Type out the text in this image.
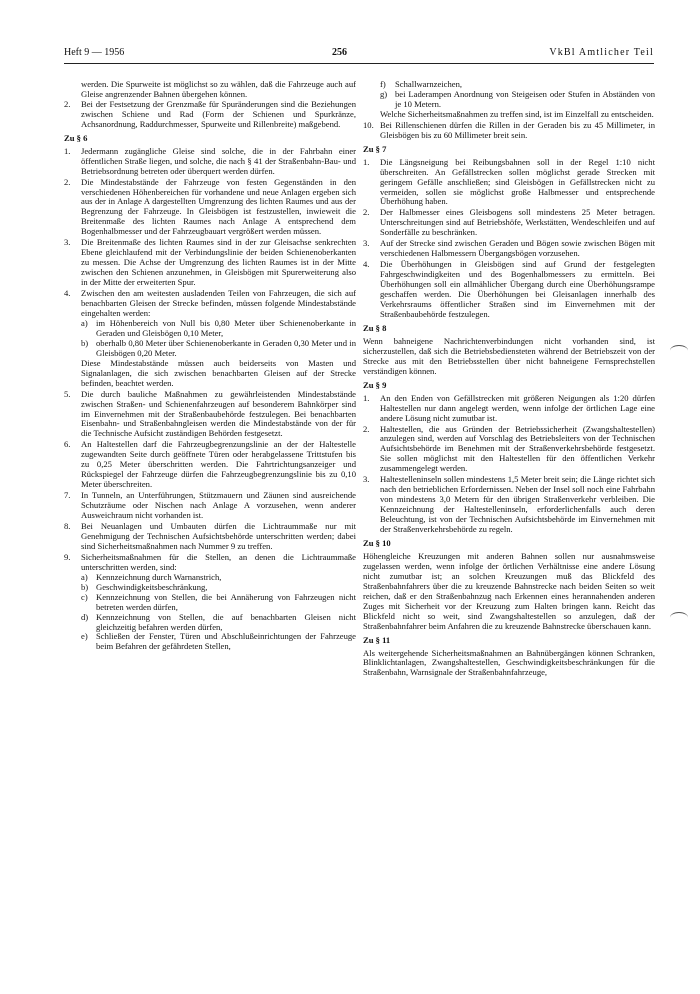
Heft 9 — 1956	256	VkBl Amtlicher Teil

werden. Die Spurweite ist möglichst so zu wählen, daß die Fahrzeuge auch auf Gleise angrenzender Bahnen übergehen können.

2. Bei der Festsetzung der Grenzmaße für Spuränderungen sind die Beziehungen zwischen Schiene und Rad (Form der Schienen und Spurkränze, Achsanordnung, Raddurchmesser, Spurweite und Rillenbreite) maßgebend.
Zu § 6
1. Jedermann zugängliche Gleise sind solche, die in der Fahrbahn einer öffentlichen Straße liegen, und solche, die nach § 41 der Straßenbahn-Bau- und Betriebsordnung betreten oder überquert werden dürfen.
2. Die Mindestabstände der Fahrzeuge von festen Gegenständen in den verschiedenen Höhenbereichen für vorhandene und neue Anlagen ergeben sich aus der in Anlage A dargestellten Umgrenzung des lichten Raumes und aus der Begrenzung der Fahrzeuge. In Gleisbögen ist festzustellen, inwieweit die Breitenmaße des lichten Raumes nach Anlage A entsprechend dem Bogenhalbmesser und der Fahrzeugbauart vergrößert werden müssen.
3. Die Breitenmaße des lichten Raumes sind in der zur Gleisachse senkrechten Ebene gleichlaufend mit der Verbindungslinie der beiden Schienenoberkanten zu messen. Die Achse der Umgrenzung des lichten Raumes ist in der Mitte zwischen den Schienen anzunehmen, in Gleisbögen mit Spurerweiterung also in der Mitte der erweiterten Spur.
4. Zwischen den am weitesten ausladenden Teilen von Fahrzeugen, die sich auf benachbarten Gleisen der Strecke befinden, müssen folgende Mindestabstände eingehalten werden:
a) im Höhenbereich von Null bis 0,80 Meter über Schienenoberkante in Geraden und Gleisbögen 0,10 Meter,
b) oberhalb 0,80 Meter über Schienenoberkante in Geraden 0,30 Meter und in Gleisbögen 0,20 Meter.
Diese Mindestabstände müssen auch beiderseits von Masten und Signalanlagen, die sich zwischen benachbarten Gleisen auf der Strecke befinden, beachtet werden.
5. Die durch bauliche Maßnahmen zu gewährleistenden Mindestabstände zwischen Straßen- und Schienenfahrzeugen auf besonderem Bahnkörper sind im Einvernehmen mit der Straßenbaubehörde festzulegen. Bei benachbarten Eisenbahn- und Straßenbahngleisen werden die Mindestabstände von der für die Technische Aufsicht zuständigen Behörden festgesetzt.
6. An Haltestellen darf die Fahrzeugbegrenzungslinie an der der Haltestelle zugewandten Seite durch geöffnete Türen oder herabgelassene Trittstufen bis zu 0,25 Meter überschritten werden. Die Fahrtrichtungsanzeiger und Rückspiegel der Fahrzeuge dürfen die Fahrzeugbegrenzungslinie bis zu 0,10 Meter überschreiten.
7. In Tunneln, an Unterführungen, Stützmauern und Zäunen sind ausreichende Schutzräume oder Nischen nach Anlage A vorzusehen, wenn anderer Ausweichraum nicht vorhanden ist.
8. Bei Neuanlagen und Umbauten dürfen die Lichtraummaße nur mit Genehmigung der Technischen Aufsichtsbehörde unterschritten werden; dabei sind Sicherheitsmaßnahmen nach Nummer 9 zu treffen.
9. Sicherheitsmaßnahmen für die Stellen, an denen die Lichtraummaße unterschritten werden, sind:
a) Kennzeichnung durch Warnanstrich,
b) Geschwindigkeitsbeschränkung,
c) Kennzeichnung von Stellen, die bei Annäherung von Fahrzeugen nicht betreten werden dürfen,
d) Kennzeichnung von Stellen, die auf benachbarten Gleisen nicht gleichzeitig befahren werden dürfen,
e) Schließen der Fenster, Türen und Abschlußeinrichtungen der Fahrzeuge beim Befahren der gefährdeten Stellen,
f) Schallwarnzeichen,
g) bei Laderampen Anordnung von Steigeisen oder Stufen in Abständen von je 10 Metern.
Welche Sicherheitsmaßnahmen zu treffen sind, ist im Einzelfall zu entscheiden.
10. Bei Rillenschienen dürfen die Rillen in der Geraden bis zu 45 Millimeter, in Gleisbögen bis zu 60 Millimeter breit sein.
Zu § 7
1. Die Längsneigung bei Reibungsbahnen soll in der Regel 1:10 nicht überschreiten. An Gefällstrecken sollen möglichst gerade Strecken mit geringem Gefälle anschließen; sind Gleisbögen in Gefällstrecken nicht zu vermeiden, sollen sie möglichst große Halbmesser und entsprechende Überhöhung haben.
2. Der Halbmesser eines Gleisbogens soll mindestens 25 Meter betragen. Unterschreitungen sind auf Betriebshöfe, Werkstätten, Wendeschleifen und auf Sonderfälle zu beschränken.
3. Auf der Strecke sind zwischen Geraden und Bögen sowie zwischen Bögen mit verschiedenen Halbmessern Übergangsbögen vorzusehen.
4. Die Überhöhungen in Gleisbögen sind auf Grund der festgelegten Fahrgeschwindigkeiten und des Bogenhalbmessers zu ermitteln. Bei Überhöhungen soll ein allmählicher Übergang durch eine Überhöhungsrampe geschaffen werden. Die Überhöhungen bei Gleisanlagen innerhalb des Verkehrsraums öffentlicher Straßen sind im Einvernehmen mit der Straßenbaubehörde festzulegen.
Zu § 8

Wenn bahneigene Nachrichtenverbindungen nicht vorhanden sind, ist sicherzustellen, daß sich die Betriebsbediensteten während der Betriebszeit von der Strecke aus mit den Betriebsstellen über nicht bahneigene Fernsprechstellen verständigen können.

Zu § 9
1. An den Enden von Gefällstrecken mit größeren Neigungen als 1:20 dürfen Haltestellen nur dann angelegt werden, wenn infolge der örtlichen Lage eine andere Lösung nicht zumutbar ist.
2. Haltestellen, die aus Gründen der Betriebssicherheit (Zwangshaltestellen) anzulegen sind, werden auf Vorschlag des Betriebsleiters von der Technischen Aufsichtsbehörde im Benehmen mit der Straßenverkehrsbehörde festgesetzt. Sie sollen möglichst mit den Haltestellen für den öffentlichen Verkehr zusammengelegt werden.
3. Haltestelleninseln sollen mindestens 1,5 Meter breit sein; die Länge richtet sich nach den betrieblichen Erfordernissen. Neben der Insel soll noch eine Fahrbahn von mindestens 3,0 Metern für den übrigen Straßenverkehr verbleiben. Die Kennzeichnung der Haltestelleninseln, erforderlichenfalls auch deren Beleuchtung, ist von der Technischen Aufsichtsbehörde im Einvernehmen mit der Straßenverkehrsbehörde zu regeln.
Zu § 10

Höhengleiche Kreuzungen mit anderen Bahnen sollen nur ausnahmsweise zugelassen werden, wenn infolge der örtlichen Verhältnisse eine andere Lösung nicht zumutbar ist; an solchen Kreuzungen muß das Blickfeld des Straßenbahnfahrers über die zu kreuzende Bahnstrecke nach beiden Seiten so weit reichen, daß er den Straßenbahnzug nach Erkennen eines herannahenden anderen Zuges mit Sicherheit vor der Kreuzung zum Halten bringen kann. Reicht das Blickfeld nicht so weit, sind Zwangshaltestellen so anzulegen, daß der Straßenbahnfahrer beim Anfahren die zu kreuzende Bahnstrecke überschauen kann.

Zu § 11

Als weitergehende Sicherheitsmaßnahmen an Bahnübergängen können Schranken, Blinklichtanlagen, Zwangshaltestellen, Geschwindigkeitsbeschränkungen für die Straßenbahn, Warnsignale der Straßenbahnfahrzeuge,
